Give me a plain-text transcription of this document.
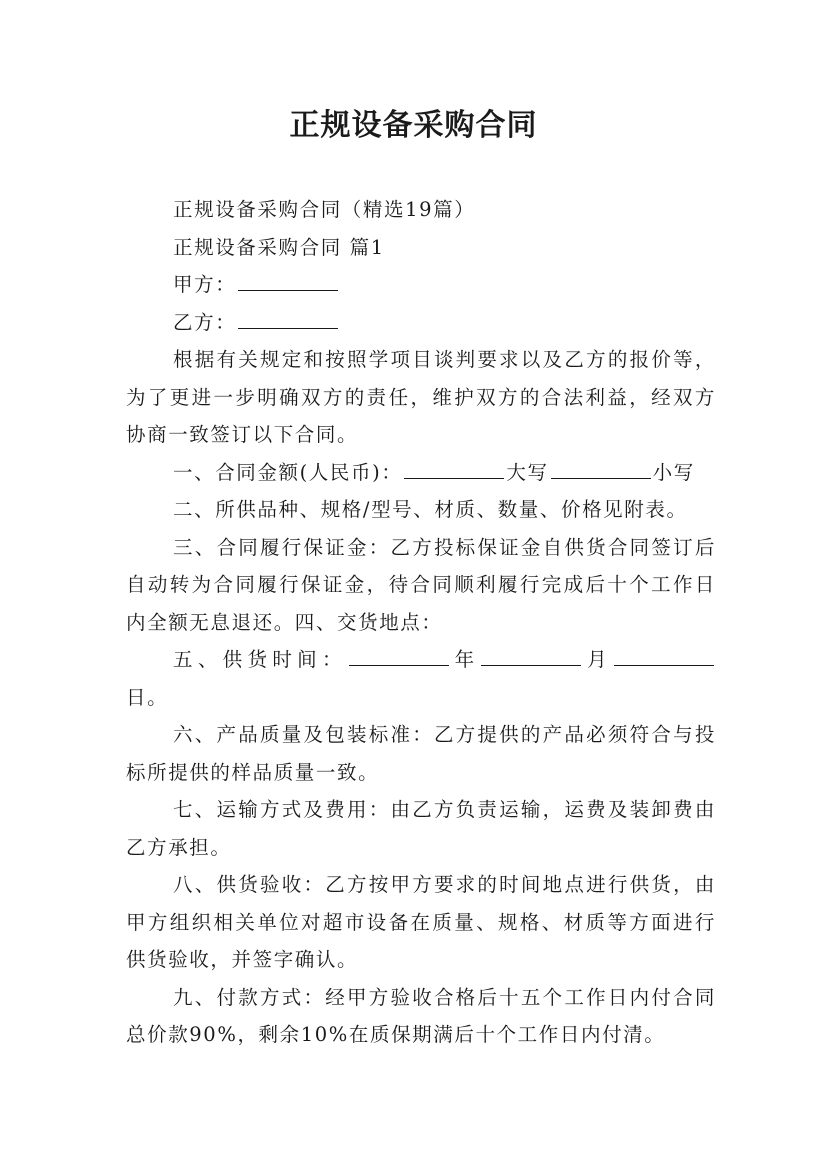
正规设备采购合同

正规设备采购合同（精选19篇）

正规设备采购合同 篇1

甲方：

乙方：

根据有关规定和按照学项目谈判要求以及乙方的报价等，为了更进一步明确双方的责任，维护双方的合法利益，经双方协商一致签订以下合同。

一、合同金额(人民币)：	大写	小写

二、所供品种、规格/型号、材质、数量、价格见附表。

三、合同履行保证金：乙方投标保证金自供货合同签订后自动转为合同履行保证金，待合同顺利履行完成后十个工作日内全额无息退还。四、交货地点：

五、供货时间：	年	月日。

六、产品质量及包装标准：乙方提供的产品必须符合与投标所提供的样品质量一致。

七、运输方式及费用：由乙方负责运输，运费及装卸费由乙方承担。

八、供货验收：乙方按甲方要求的时间地点进行供货，由甲方组织相关单位对超市设备在质量、规格、材质等方面进行供货验收，并签字确认。

九、付款方式：经甲方验收合格后十五个工作日内付合同总价款90%，剩余10%在质保期满后十个工作日内付清。
